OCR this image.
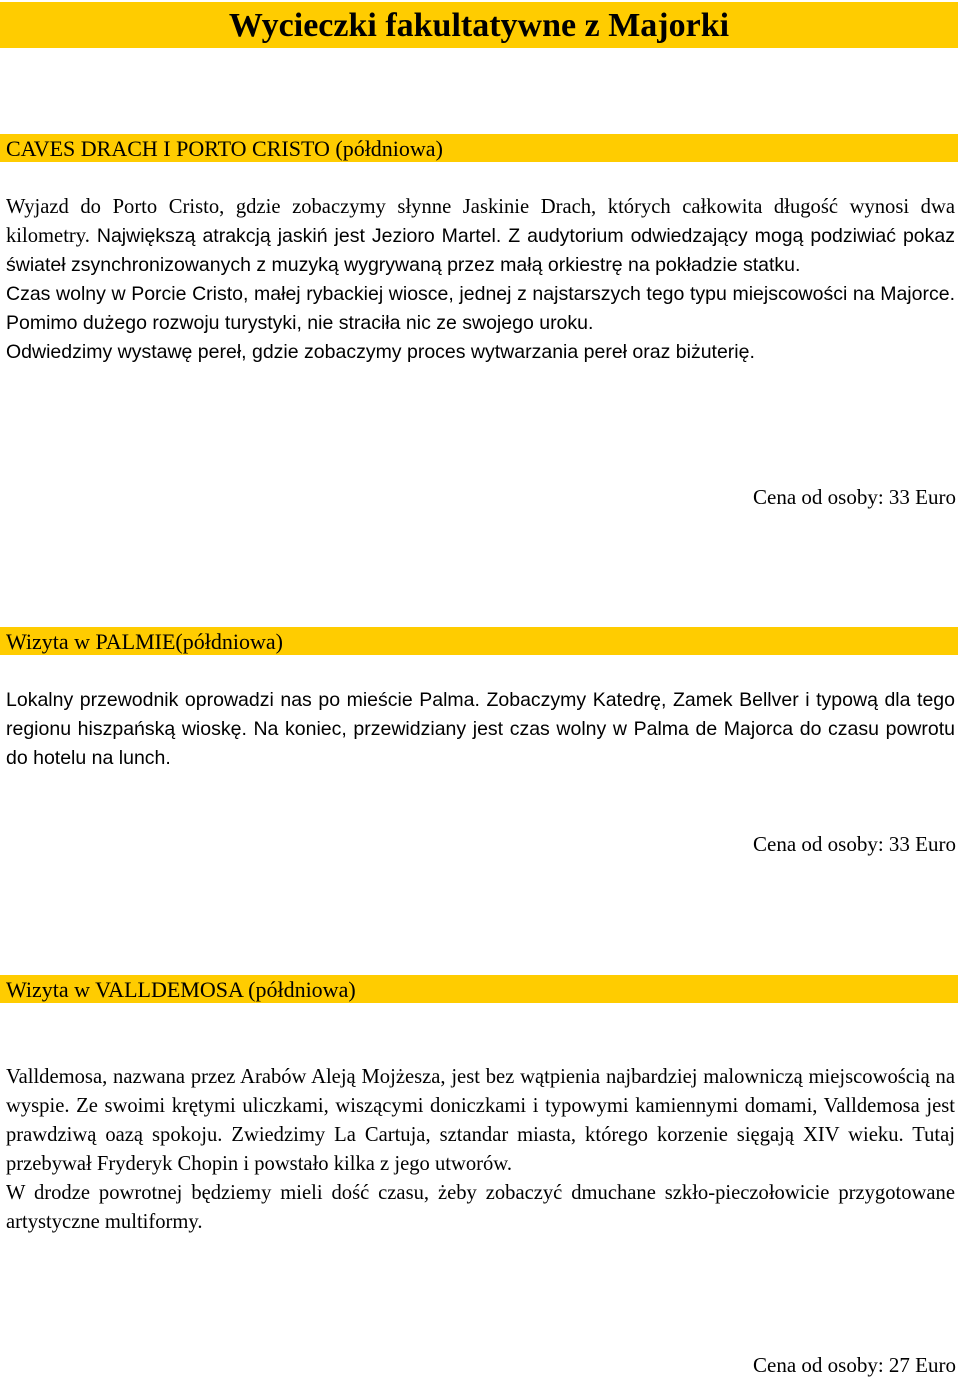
Wycieczki fakultatywne z Majorki
CAVES DRACH I PORTO CRISTO (półdniowa)

Wyjazd do Porto Cristo, gdzie zobaczymy słynne Jaskinie Drach, których całkowita długość wynosi dwa kilometry. Największą atrakcją jaskiń jest Jezioro Martel. Z audytorium odwiedzający mogą podziwiać pokaz świateł zsynchronizowanych z muzyką wygrywaną przez małą orkiestrę na pokładzie statku.

Czas wolny w Porcie Cristo, małej rybackiej wiosce, jednej z najstarszych tego typu miejscowości na Majorce. Pomimo dużego rozwoju turystyki, nie straciła nic ze swojego uroku.

Odwiedzimy wystawę pereł, gdzie zobaczymy proces wytwarzania pereł oraz biżuterię.

Cena od osoby: 33 Euro
Wizyta w PALMIE(półdniowa)

Lokalny przewodnik oprowadzi nas po mieście Palma. Zobaczymy Katedrę, Zamek Bellver i typową dla tego regionu hiszpańską wioskę. Na koniec, przewidziany jest czas wolny w Palma de Majorca do czasu powrotu do hotelu na lunch.

Cena od osoby: 33 Euro
Wizyta w VALLDEMOSA (półdniowa)

Valldemosa, nazwana przez Arabów Aleją Mojżesza, jest bez wątpienia najbardziej malowniczą miejscowością na wyspie. Ze swoimi krętymi uliczkami, wiszącymi doniczkami i typowymi kamiennymi domami, Valldemosa jest prawdziwą oazą spokoju. Zwiedzimy La Cartuja, sztandar miasta, którego korzenie sięgają XIV wieku. Tutaj przebywał Fryderyk Chopin i powstało kilka z jego utworów.

W drodze powrotnej będziemy mieli dość czasu, żeby zobaczyć dmuchane szkło-pieczołowicie przygotowane artystyczne multiformy.

Cena od osoby: 27 Euro
